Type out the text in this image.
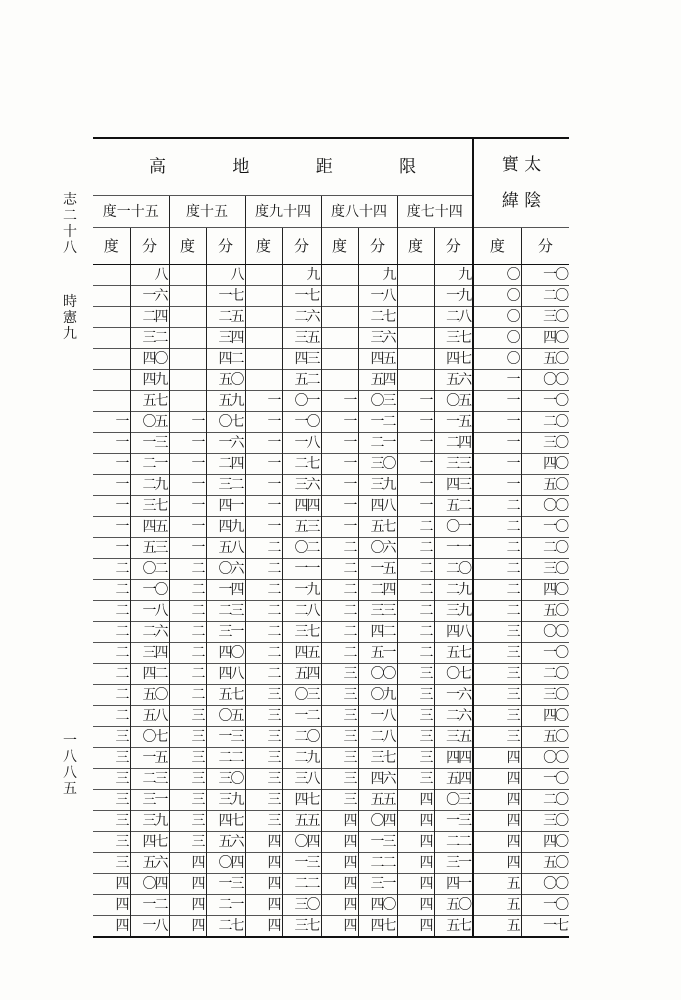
志二十八
時憲九
一八八五
高 地 距 限										實 太
緯 陰	

度一十五		度十五		度九十四		度八十四		度七十四			
度	分	度	分	度	分	度	分	度	分	度	分
	八		八		九		九		九	〇	一〇
	一六		一七		一七		一八		一九	〇	二〇
	二四		二五		二六		二七		二八	〇	三〇
	三二		三四		三五		三六		三七	〇	四〇
	四〇		四二		四三		四五		四七	〇	五〇
	四九		五〇		五二		五四		五六	一	〇〇
	五七		五九	一	〇一	一	〇三	一	〇五	一	一〇
一	〇五	一	〇七	一	一〇	一	一二	一	一五	一	二〇
一	一三	一	一六	一	一八	一	二一	一	二四	一	三〇
一	二一	一	二四	一	二七	一	三〇	一	三三	一	四〇
一	二九	一	三二	一	三六	一	三九	一	四三	一	五〇
一	三七	一	四一	一	四四	一	四八	一	五二	二	〇〇
一	四五	一	四九	一	五三	一	五七	二	〇一	二	一〇
一	五三	一	五八	二	〇二	二	〇六	二	一一	二	二〇
二	〇二	二	〇六	二	一一	二	一五	二	二〇	二	三〇
二	一〇	二	一四	二	一九	二	二四	二	二九	二	四〇
二	一八	二	二三	二	二八	二	三三	二	三九	二	五〇
二	二六	二	三一	二	三七	二	四二	二	四八	三	〇〇
二	三四	二	四〇	二	四五	二	五一	二	五七	三	一〇
二	四二	二	四八	二	五四	三	〇〇	三	〇七	三	二〇
二	五〇	二	五七	三	〇三	三	〇九	三	一六	三	三〇
二	五八	三	〇五	三	一二	三	一八	三	二六	三	四〇
三	〇七	三	一三	三	二〇	三	二八	三	三五	三	五〇
三	一五	三	二二	三	二九	三	三七	三	四四	四	〇〇
三	二三	三	三〇	三	三八	三	四六	三	五四	四	一〇
三	三一	三	三九	三	四七	三	五五	四	〇三	四	二〇
三	三九	三	四七	三	五五	四	〇四	四	一三	四	三〇
三	四七	三	五六	四	〇四	四	一三	四	二二	四	四〇
三	五六	四	〇四	四	一三	四	二二	四	三一	四	五〇
四	〇四	四	一三	四	二二	四	三一	四	四一	五	〇〇
四	一二	四	二一	四	三〇	四	四〇	四	五〇	五	一〇
四	一八	四	二七	四	三七	四	四七	四	五七	五	一七
